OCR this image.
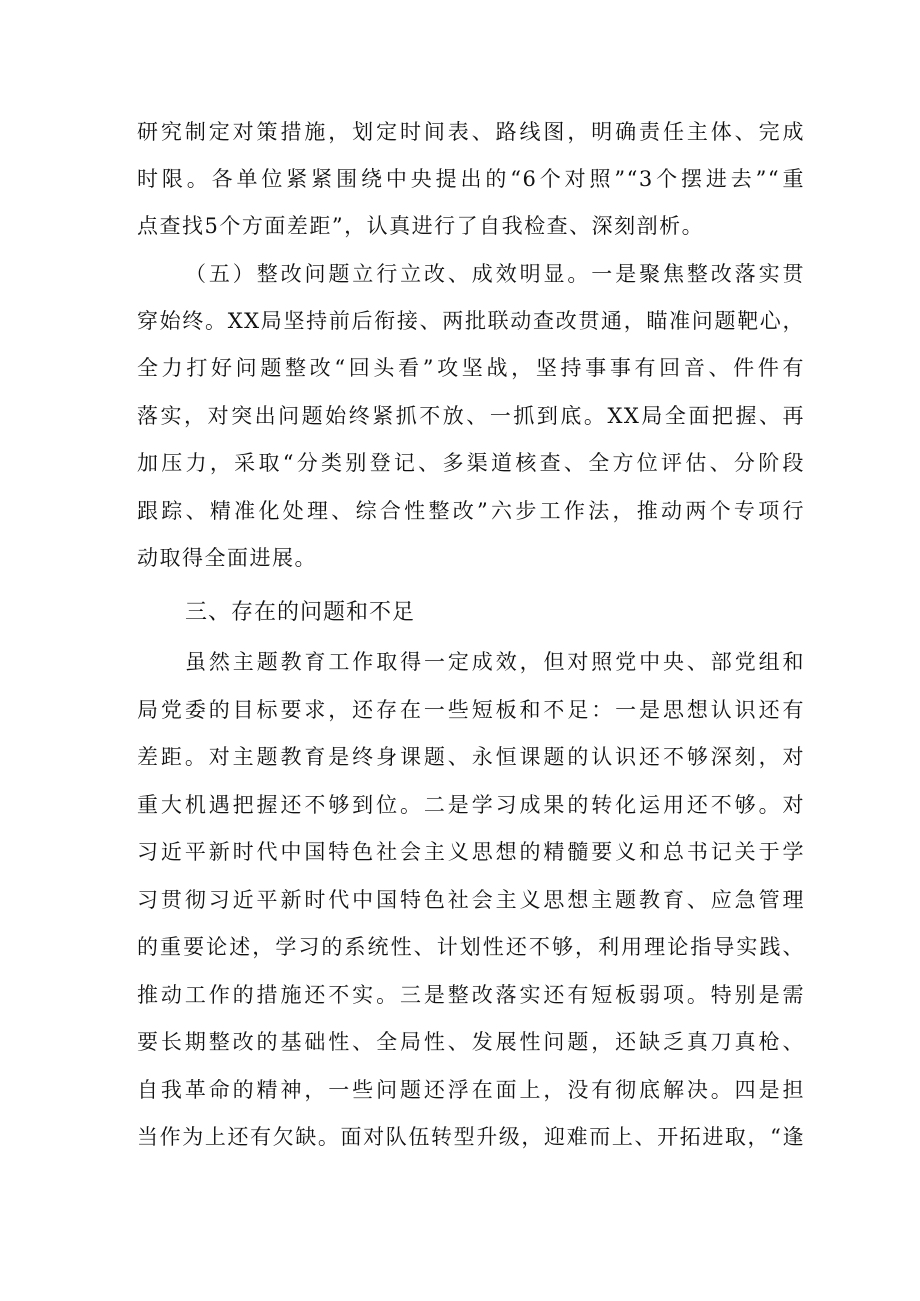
研究制定对策措施，划定时间表、路线图，明确责任主体、完成
时限。各单位紧紧围绕中央提出的“6个对照”“3个摆进去”“重
点查找5个方面差距”，认真进行了自我检查、深刻剖析。
（五）整改问题立行立改、成效明显。一是聚焦整改落实贯
穿始终。XX局坚持前后衔接、两批联动查改贯通，瞄准问题靶心，
全力打好问题整改“回头看”攻坚战，坚持事事有回音、件件有
落实，对突出问题始终紧抓不放、一抓到底。XX局全面把握、再
加压力，采取“分类别登记、多渠道核查、全方位评估、分阶段
跟踪、精准化处理、综合性整改”六步工作法，推动两个专项行
动取得全面进展。
三、存在的问题和不足
虽然主题教育工作取得一定成效，但对照党中央、部党组和
局党委的目标要求，还存在一些短板和不足：一是思想认识还有
差距。对主题教育是终身课题、永恒课题的认识还不够深刻，对
重大机遇把握还不够到位。二是学习成果的转化运用还不够。对
习近平新时代中国特色社会主义思想的精髓要义和总书记关于学
习贯彻习近平新时代中国特色社会主义思想主题教育、应急管理
的重要论述，学习的系统性、计划性还不够，利用理论指导实践、
推动工作的措施还不实。三是整改落实还有短板弱项。特别是需
要长期整改的基础性、全局性、发展性问题，还缺乏真刀真枪、
自我革命的精神，一些问题还浮在面上，没有彻底解决。四是担
当作为上还有欠缺。面对队伍转型升级，迎难而上、开拓进取，“逢
